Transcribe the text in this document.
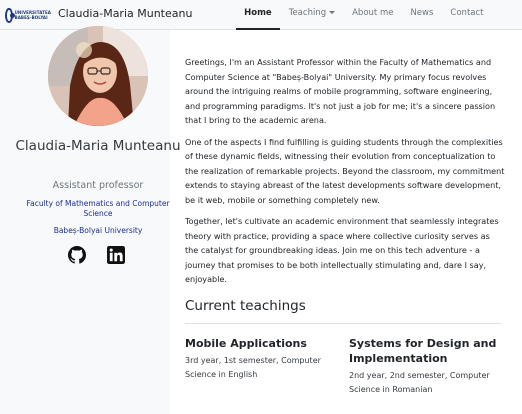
UNIVERSITATEA
BABEȘ-BOLYAI Claudia-Maria Munteanu	Home	Teaching	About me	News	Contact
Claudia-Maria Munteanu
Assistant professor
Faculty of Mathematics and Computer Science
Babeș-Bolyai University

Greetings, I'm an Assistant Professor within the Faculty of Mathematics and Computer Science at "Babeș-Bolyai" University. My primary focus revolves around the intriguing realms of mobile programming, software engineering, and programming paradigms. It's not just a job for me; it's a sincere passion that I bring to the academic arena.

One of the aspects I find fulfilling is guiding students through the complexities of these dynamic fields, witnessing their evolution from conceptualization to the realization of remarkable projects. Beyond the classroom, my commitment extends to staying abreast of the latest developments software development, be it web, mobile or something completely new.

Together, let's cultivate an academic environment that seamlessly integrates theory with practice, providing a space where collective curiosity serves as the catalyst for groundbreaking ideas. Join me on this tech adventure - a journey that promises to be both intellectually stimulating and, dare I say, enjoyable.

Current teachings
Mobile Applications
3rd year, 1st semester, Computer Science in English
Systems for Design and Implementation
2nd year, 2nd semester, Computer Science in Romanian
